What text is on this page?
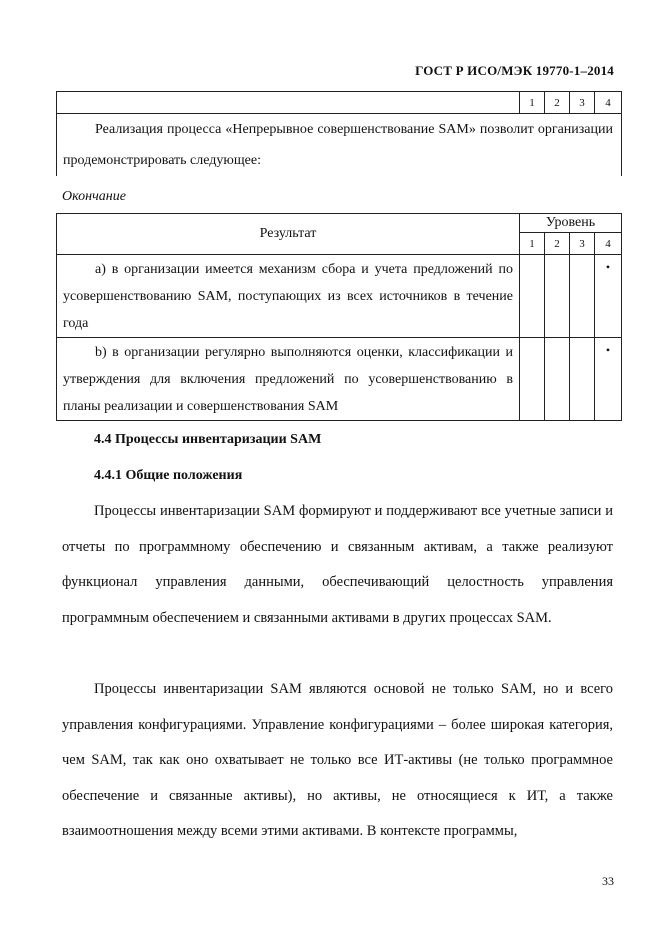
ГОСТ Р ИСО/МЭК 19770-1–2014
	1	2	3	4
Реализация процесса «Непрерывное совершенствование SAM» позволит организации продемонстрировать следующее:
Окончание
Результат	Уровень			
	1	2	3	4
a) в организации имеется механизм сбора и учета предложений по усовершенствованию SAM, поступающих из всех источников в течение года				•
b) в организации регулярно выполняются оценки, классификации и утверждения для включения предложений по усовершенствованию в планы реализации и совершенствования SAM				•
4.4 Процессы инвентаризации SAM
4.4.1 Общие положения
Процессы инвентаризации SAM формируют и поддерживают все учетные записи и отчеты по программному обеспечению и связанным активам, а также реализуют функционал управления данными, обеспечивающий целостность управления программным обеспечением и связанными активами в других процессах SAM.
Процессы инвентаризации SAM являются основой не только SAM, но и всего управления конфигурациями. Управление конфигурациями – более широкая категория, чем SAM, так как оно охватывает не только все ИТ-активы (не только программное обеспечение и связанные активы), но активы, не относящиеся к ИТ, а также взаимоотношения между всеми этими активами. В контексте программы,
33
